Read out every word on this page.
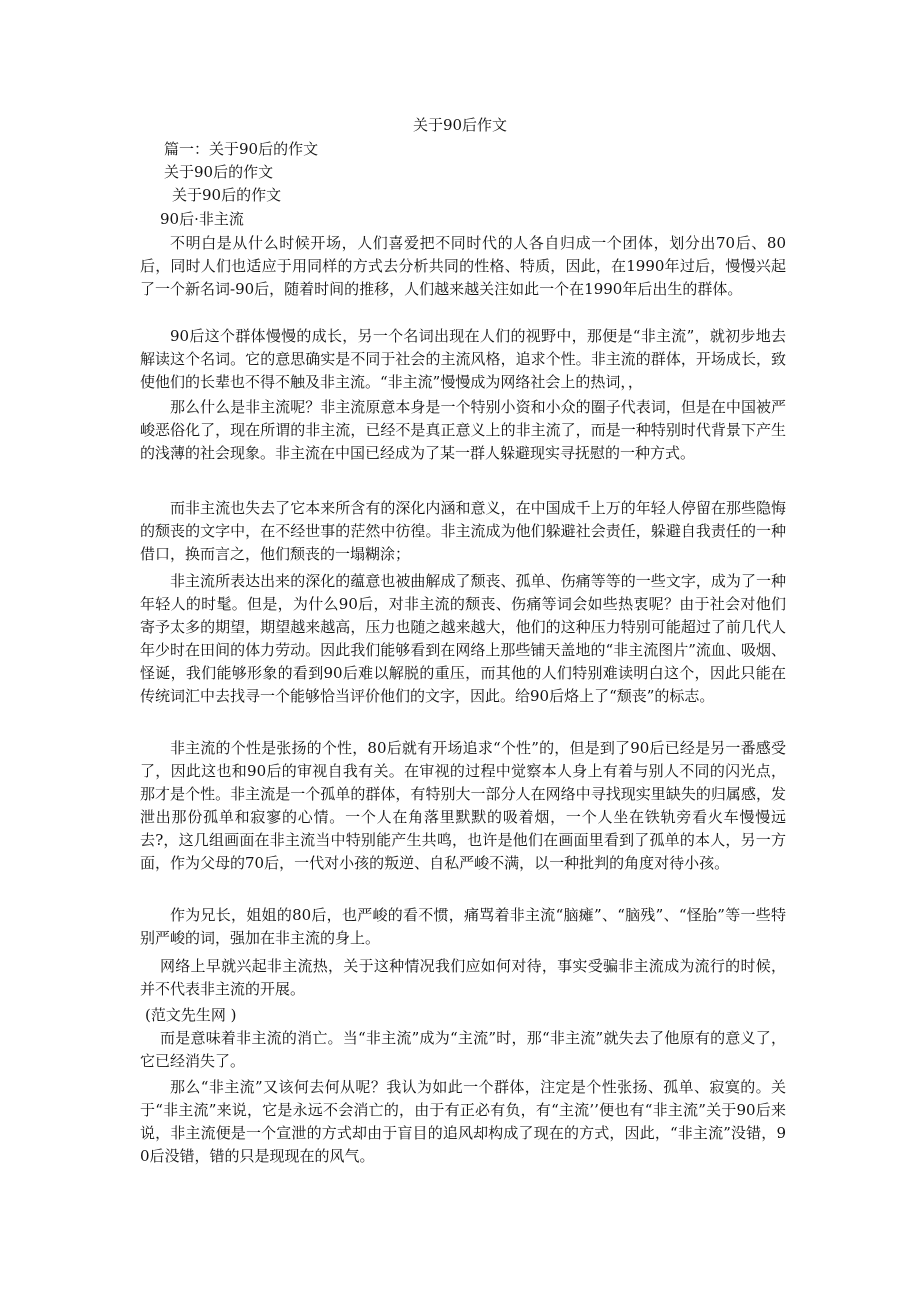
关于90后作文
篇一：关于90后的作文
关于90后的作文
关于90后的作文
90后·非主流
不明白是从什么时候开场，人们喜爱把不同时代的人各自归成一个团体，划分出70后、80后，同时人们也适应于用同样的方式去分析共同的性格、特质，因此，在1990年过后，慢慢兴起了一个新名词-90后，随着时间的推移，人们越来越关注如此一个在1990年后出生的群体。
90后这个群体慢慢的成长，另一个名词出现在人们的视野中，那便是“非主流”，就初步地去解读这个名词。它的意思确实是不同于社会的主流风格，追求个性。非主流的群体，开场成长，致使他们的长辈也不得不触及非主流。“非主流”慢慢成为网络社会上的热词，，
那么什么是非主流呢？非主流原意本身是一个特别小资和小众的圈子代表词，但是在中国被严峻恶俗化了，现在所谓的非主流，已经不是真正意义上的非主流了，而是一种特别时代背景下产生的浅薄的社会现象。非主流在中国已经成为了某一群人躲避现实寻抚慰的一种方式。
而非主流也失去了它本来所含有的深化内涵和意义，在中国成千上万的年轻人停留在那些隐悔的颓丧的文字中，在不经世事的茫然中彷徨。非主流成为他们躲避社会责任，躲避自我责任的一种借口，换而言之，他们颓丧的一塌糊涂；
非主流所表达出来的深化的蕴意也被曲解成了颓丧、孤单、伤痛等等的一些文字，成为了一种年轻人的时髦。但是，为什么90后，对非主流的颓丧、伤痛等词会如些热衷呢？由于社会对他们寄予太多的期望，期望越来越高，压力也随之越来越大，他们的这种压力特别可能超过了前几代人年少时在田间的体力劳动。因此我们能够看到在网络上那些铺天盖地的“非主流图片”流血、吸烟、怪诞，我们能够形象的看到90后难以解脱的重压，而其他的人们特别难读明白这个，因此只能在传统词汇中去找寻一个能够恰当评价他们的文字，因此。给90后烙上了“颓丧”的标志。
非主流的个性是张扬的个性，80后就有开场追求“个性”的，但是到了90后已经是另一番感受了，因此这也和90后的审视自我有关。在审视的过程中觉察本人身上有着与别人不同的闪光点，那才是个性。非主流是一个孤单的群体，有特别大一部分人在网络中寻找现实里缺失的归属感，发泄出那份孤单和寂寥的心情。一个人在角落里默默的吸着烟，一个人坐在铁轨旁看火车慢慢远去?，这几组画面在非主流当中特别能产生共鸣，也许是他们在画面里看到了孤单的本人，另一方面，作为父母的70后，一代对小孩的叛逆、自私严峻不满，以一种批判的角度对待小孩。
作为兄长，姐姐的80后，也严峻的看不惯，痛骂着非主流“脑瘫”、“脑残”、“怪胎”等一些特别严峻的词，强加在非主流的身上。
网络上早就兴起非主流热，关于这种情况我们应如何对待，事实受骗非主流成为流行的时候，并不代表非主流的开展。
(范文先生网 )
而是意味着非主流的消亡。当“非主流”成为“主流”时，那“非主流”就失去了他原有的意义了，它已经消失了。
那么“非主流”又该何去何从呢？我认为如此一个群体，注定是个性张扬、孤单、寂寞的。关于“非主流”来说，它是永远不会消亡的，由于有正必有负，有“主流’’便也有“非主流”关于90后来说，非主流便是一个宣泄的方式却由于盲目的追风却构成了现在的方式，因此，“非主流”没错，90后没错，错的只是现现在的风气。
